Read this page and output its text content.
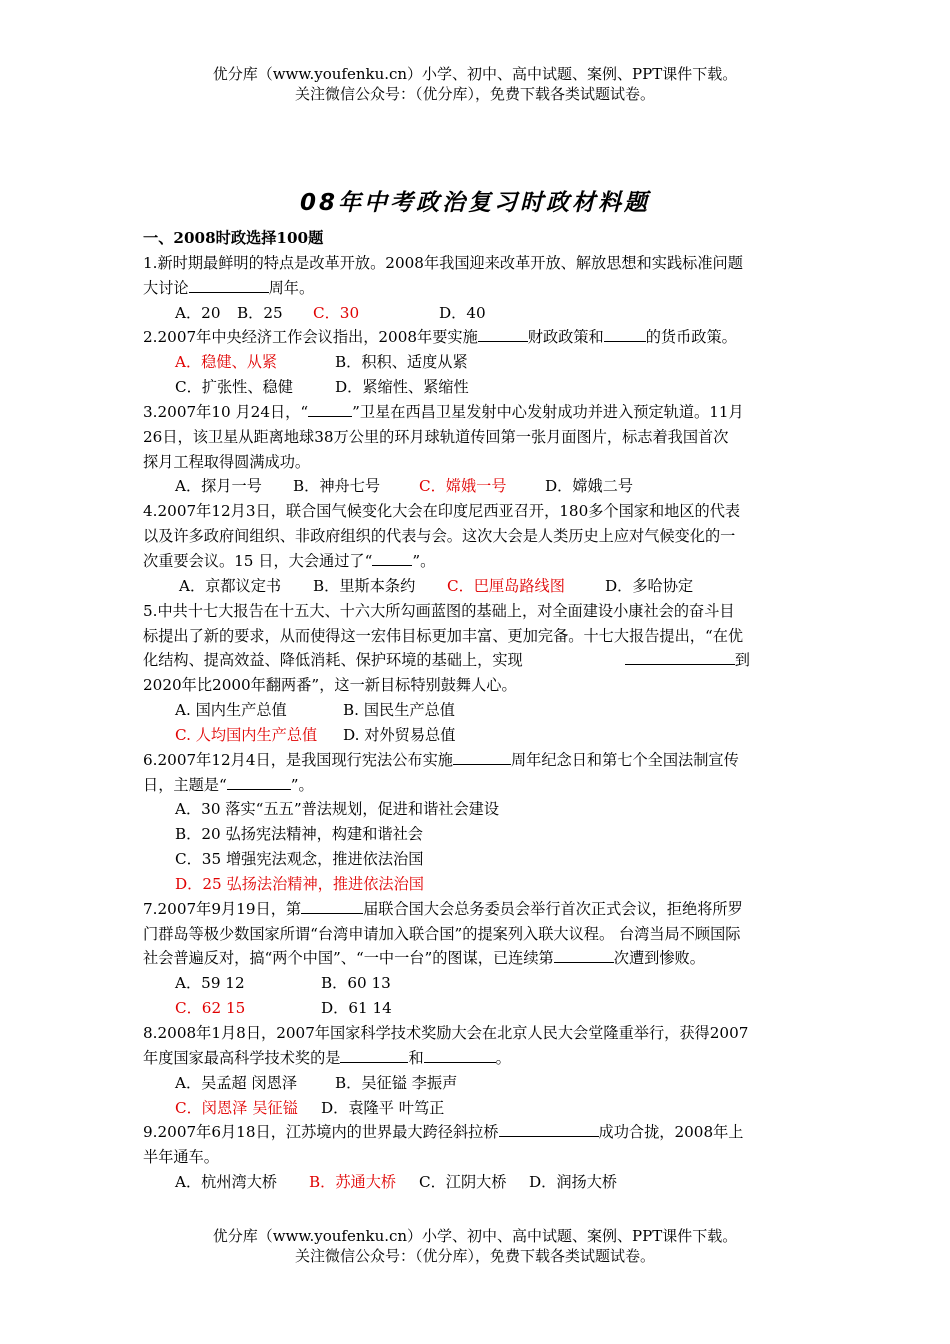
优分库（www.youfenku.cn）小学、初中、高中试题、案例、PPT课件下载。
关注微信公众号：（优分库），免费下载各类试题试卷。
08年中考政治复习时政材料题
一、2008时政选择100题
1.新时期最鲜明的特点是改革开放。2008年我国迎来改革开放、解放思想和实践标准问题
大讨论	周年。
A．20 B．25 C．30	D．40
2.2007年中央经济工作会议指出，2008年要实施	财政政策和	的货币政策。
A．稳健、从紧	B．积积、适度从紧
C．扩张性、稳健	D．紧缩性、紧缩性
3.2007年10 月24日，“	”卫星在西昌卫星发射中心发射成功并进入预定轨道。11月
26日，该卫星从距离地球38万公里的环月球轨道传回第一张月面图片，标志着我国首次
探月工程取得圆满成功。
A．探月一号 B．神舟七号	C．嫦娥一号	D．嫦娥二号
4.2007年12月3日，联合国气候变化大会在印度尼西亚召开，180多个国家和地区的代表
以及许多政府间组织、非政府组织的代表与会。这次大会是人类历史上应对气候变化的一
次重要会议。15 日，大会通过了“	”。
A．京都议定书 B．里斯本条约 C．巴厘岛路线图	D．多哈协定
5.中共十七大报告在十五大、十六大所勾画蓝图的基础上，对全面建设小康社会的奋斗目
标提出了新的要求，从而使得这一宏伟目标更加丰富、更加完备。十七大报告提出，“在优
化结构、提高效益、降低消耗、保护环境的基础上，实现	到
2020年比2000年翻两番”，这一新目标特别鼓舞人心。
A. 国内生产总值	B. 国民生产总值
C. 人均国内生产总值 D. 对外贸易总值
6.2007年12月4日，是我国现行宪法公布实施	周年纪念日和第七个全国法制宣传
日，主题是“	”。
A．30 落实“五五”普法规划，促进和谐社会建设
B．20 弘扬宪法精神，构建和谐社会
C．35 增强宪法观念，推进依法治国
D．25 弘扬法治精神，推进依法治国
7.2007年9月19日，第	届联合国大会总务委员会举行首次正式会议，拒绝将所罗
门群岛等极少数国家所谓“台湾申请加入联合国”的提案列入联大议程。 台湾当局不顾国际
社会普遍反对，搞“两个中国”、“一中一台”的图谋，已连续第	次遭到惨败。
A．59 12	B．60 13
C．62 15	D．61 14
8.2008年1月8日，2007年国家科学技术奖励大会在北京人民大会堂隆重举行，获得2007
年度国家最高科学技术奖的是	和	。
A．吴孟超 闵恩泽 B．吴征镒 李振声
C．闵恩泽 吴征镒 D．袁隆平 叶笃正
9.2007年6月18日，江苏境内的世界最大跨径斜拉桥	成功合拢，2008年上
半年通车。
A．杭州湾大桥 B．苏通大桥 C．江阴大桥 D．润扬大桥
优分库（www.youfenku.cn）小学、初中、高中试题、案例、PPT课件下载。
关注微信公众号：（优分库），免费下载各类试题试卷。
